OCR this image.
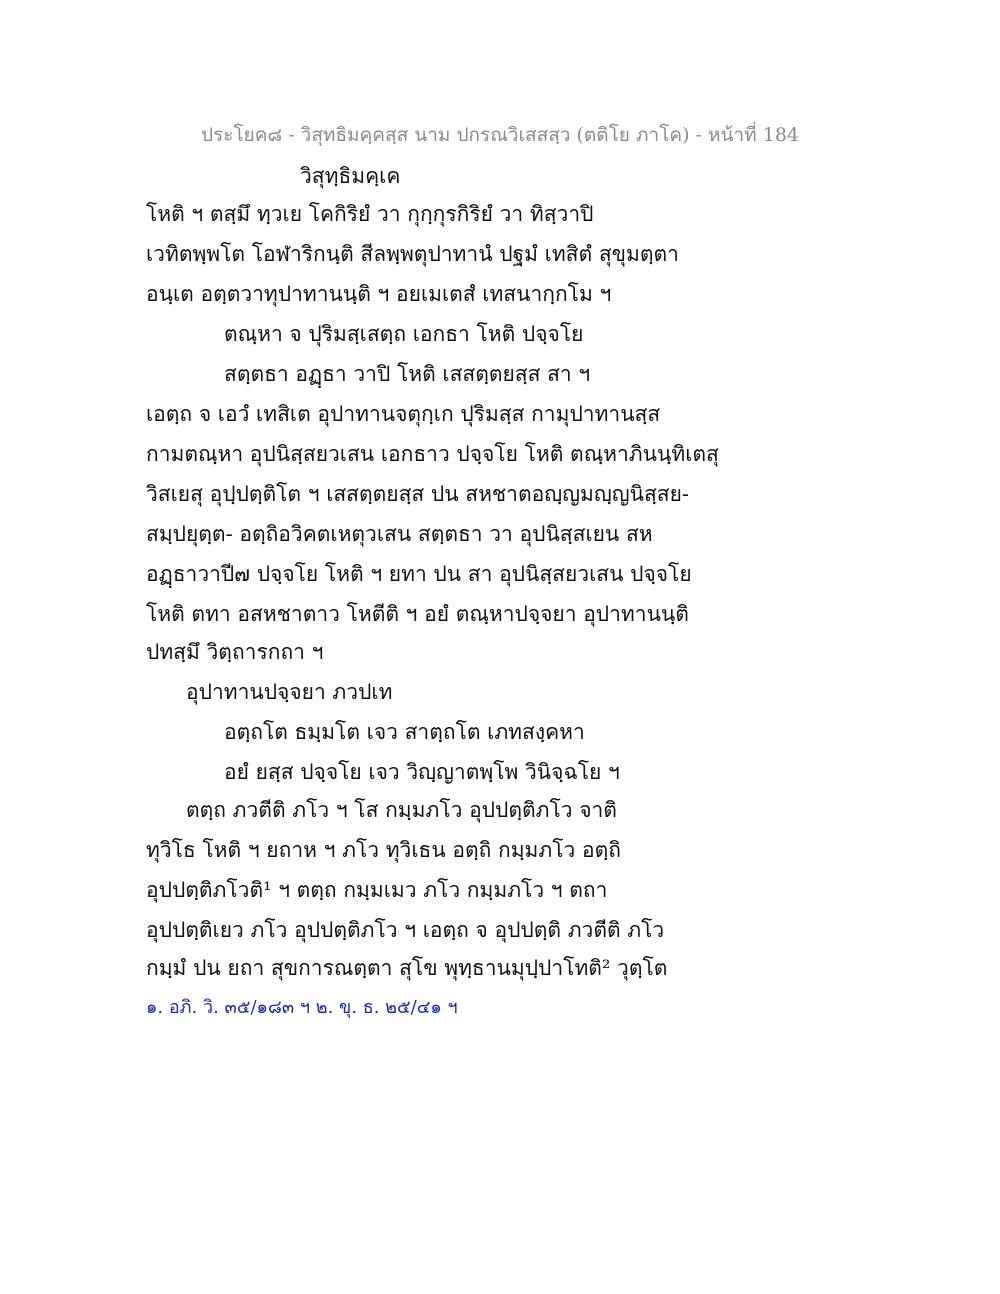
ประโยค๘ - วิสุทธิมคฺคสฺส นาม ปกรณวิเสสสฺว (ตติโย ภาโค) - หน้าที่ 184
วิสุทฺธิมคฺเค
โหติ ฯ ตสฺมึ ทฺวเย โคกิริยํ วา กุกฺกุรกิริยํ วา ทิสฺวาปิ
เวทิตพฺพโต โอฬาริกนฺติ สีลพฺพตุปาทานํ ปฐมํ เทสิตํ สุขุมตฺตา
อนฺเต อตฺตวาทุปาทานนฺติ ฯ อยเมเตสํ เทสนากฺกโม ฯ
ตณฺหา จ ปุริมสฺเสตฺถ เอกธา โหติ ปจฺจโย
สตฺตธา อฏฺธา วาปิ โหติ เสสตฺตยสฺส สา ฯ
เอตฺถ จ เอวํ เทสิเต อุปาทานจตุกฺเก ปุริมสฺส กามุปาทานสฺส
กามตณฺหา อุปนิสฺสยวเสน เอกธาว ปจฺจโย โหติ ตณฺหาภินนฺทิเตสุ
วิสเยสุ อุปฺปตฺติโต ฯ เสสตฺตยสฺส ปน สหชาตอญฺญมญฺญนิสฺสย-
สมฺปยุตฺต- อตฺถิอวิคตเหตุวเสน สตฺตธา วา อุปนิสฺสเยน สห
อฏฺธาวาปี๗ ปจฺจโย โหติ ฯ ยทา ปน สา อุปนิสฺสยวเสน ปจฺจโย
โหติ ตทา อสหชาตาว โหตีติ ฯ อยํ ตณฺหาปจฺจยา อุปาทานนฺติ
ปทสฺมึ วิตฺถารกถา ฯ
อุปาทานปจฺจยา ภวปเท
อตฺถโต ธมฺมโต เจว สาตฺถโต เภทสงฺคหา
อยํ ยสฺส ปจฺจโย เจว วิญฺญาตพฺโพ วินิจฺฉโย ฯ
ตตฺถ ภวตีติ ภโว ฯ โส กมฺมภโว อุปปตฺติภโว จาติ
ทุวิโธ โหติ ฯ ยถาห ฯ ภโว ทุวิเธน อตฺถิ กมฺมภโว อตฺถิ
อุปปตฺติภโวติ¹ ฯ ตตฺถ กมฺมเมว ภโว กมฺมภโว ฯ ตถา
อุปปตฺติเยว ภโว อุปปตฺติภโว ฯ เอตฺถ จ อุปปตฺติ ภวตีติ ภโว
กมฺมํ ปน ยถา สุขการณตฺตา สุโข พุทฺธานมุปฺปาโทติ² วุตฺโต
๑. อภิ. วิ. ๓๕/๑๘๓ ฯ ๒. ขุ. ธ. ๒๕/๔๑ ฯ
